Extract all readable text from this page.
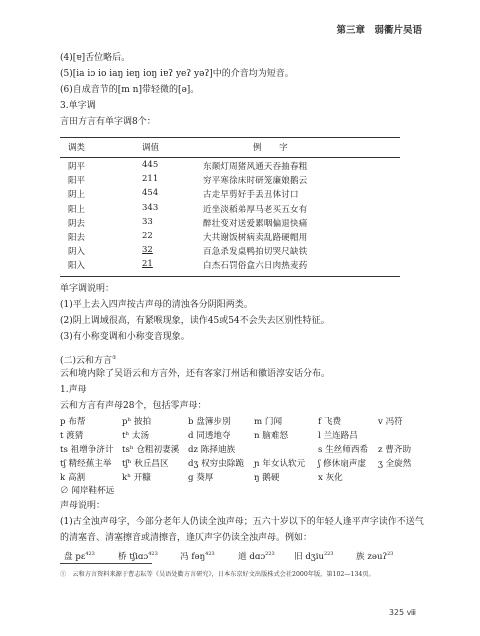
第三章　弱衢片吴语
(4)[ɐ]舌位略后。
(5)[ia iɔ io iaŋ ieŋ ioŋ iɐʔ yeʔ yəʔ]中的介音均为短音。
(6)自成音节的[m n]带轻微的[ə]。
3.单字调
言田方言有单字调8个：
调类	调值	例　　字
阴平	445	东颠灯周猪风通天吞抽春粗
阳平	211	穷平寒徐床时研笼廉娘鹅云
阴上	454	古走早剪好手丢丑体讨口
阳上	343	近坐淡稻弟厚马老买五女有
阴去	33	醉壮变对送爱累咽偏退快痛
阳去	22	大共谢饭树病卖乱路硬帽用
阴入	32	百急杀发桌鸭拍切哭尺缺铁
阳入	21	白杰石罚俗盒六日肉热麦药
单字调说明：
(1)平上去入四声按古声母的清浊各分阴阳两类。
(2)阴上调域很高，有紧喉现象，读作45或54不会失去区别性特征。
(3)有小称变调和小称变音现象。
(二)云和方言①
云和境内除了吴语云和方言外，还有客家汀州话和徽语淳安话分布。
1.声母
云和方言有声母28个，包括零声母：
p 布帮	pʰ 披拍	b 盘簿步別	m 门闻	f 飞费	v 冯符
t 渡猜	tʰ 太汤	d 同透地夺	n 脑难怒	l 兰连路吕
ts 祖增争济计 tsʰ 仓粗初妻溪 dz 陈择迪族	s 生丝师西希 z 曹齐助
tʃ 精经蕉主举 tʃʰ 秋丘昌区 dʒ 权穷虫除跪 ɲ 年女认软元 ʃ 修休扇声虚 ʒ 全旋然
k 高割	kʰ 开糠	g 葵厚	ŋ 鹅硬	x 灰化
∅ 闻岸鞋杯远
声母说明：
(1)古全浊声母字，今部分老年人仍读全浊声母；五六十岁以下的年轻人逢平声字读作不送气
的清塞音、清塞擦音或清擦音，逢仄声字仍读全浊声母。例如：
盘 pɛ$^{423}$	桥 tʃiɑɔ$^{423}$	冯 fəŋ$^{423}$	道 dɑɔ$^{223}$ 旧 dʒiu$^{223}$	族 zəuʔ$^{23}$
①　云和方言资料来源于曹志耘等《吴语处衢方言研究》，日本东京好文出版株式会社2000年版，第102—134页。
325 ⅷ
